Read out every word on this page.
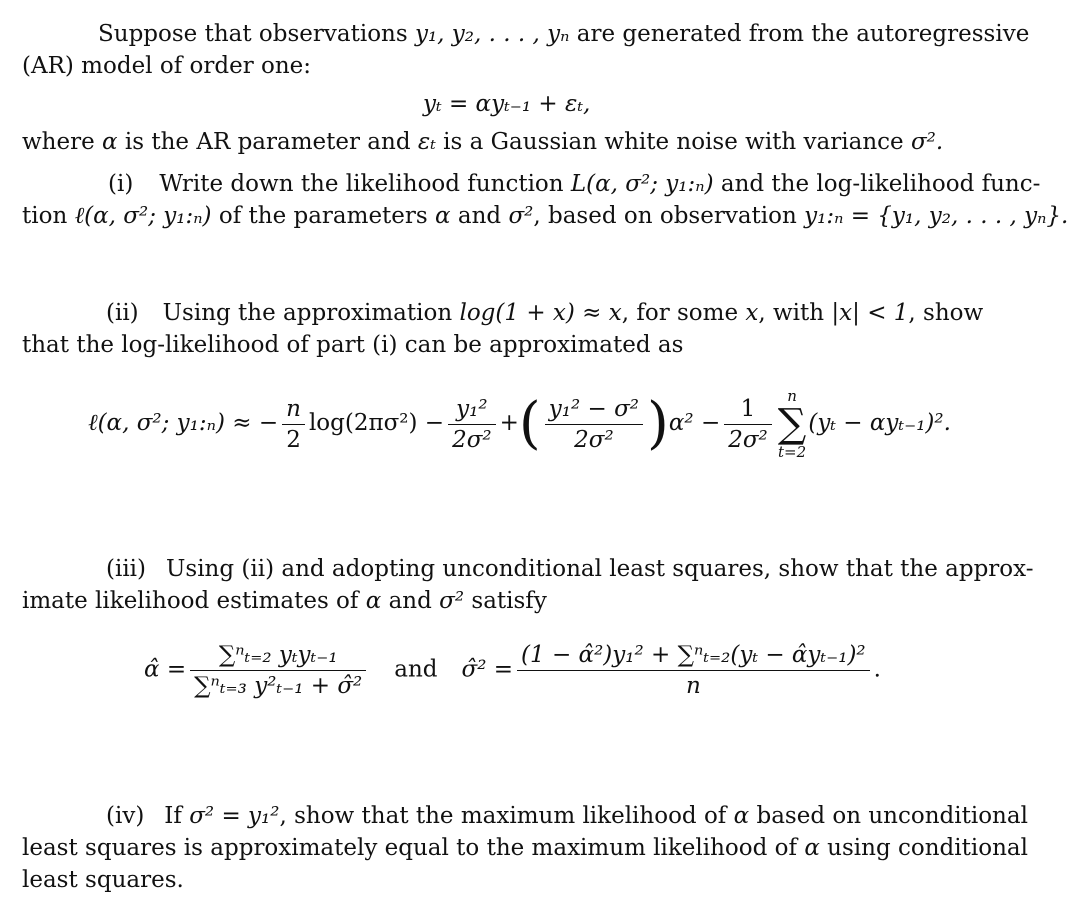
Suppose that observations y₁, y₂, . . . , yₙ are generated from the autoregressive
(AR) model of order one:
yₜ = αyₜ₋₁ + εₜ,
where α is the AR parameter and εₜ is a Gaussian white noise with variance σ².
(i) Write down the likelihood function L(α, σ²; y₁:ₙ) and the log-likelihood func-
tion ℓ(α, σ²; y₁:ₙ) of the parameters α and σ², based on observation y₁:ₙ = {y₁, y₂, . . . , yₙ}.
(ii) Using the approximation log(1 + x) ≈ x, for some x, with |x| < 1, show
that the log-likelihood of part (i) can be approximated as
ℓ(α, σ²; y₁:ₙ) ≈ − $\frac{n}{2} \log(2\pi\sigma^2) - \frac{\text{y₁²}}{\text{2σ²}}$ +( $\frac{\text{y₁² − σ²}}{\text{2σ²}} )\alpha^2 - \frac{1}{\text{2σ²}}$	n
∑
t=2
(yₜ − αyₜ₋₁)².
(iii) Using (ii) and adopting unconditional least squares, show that the approx-
imate likelihood estimates of α and σ² satisfy
α̂ = $\frac{\text{∑ⁿₜ₌₂ yₜyₜ₋₁}}{\text{∑ⁿₜ₌₃ y²ₜ₋₁ + σ̂²}}$ and σ̂² = $\frac{\text{(1 − α̂²)y₁² + ∑ⁿₜ₌₂(yₜ − α̂yₜ₋₁)²}}{n}$ .
(iv) If σ² = y₁², show that the maximum likelihood of α based on unconditional
least squares is approximately equal to the maximum likelihood of α using conditional
least squares.
